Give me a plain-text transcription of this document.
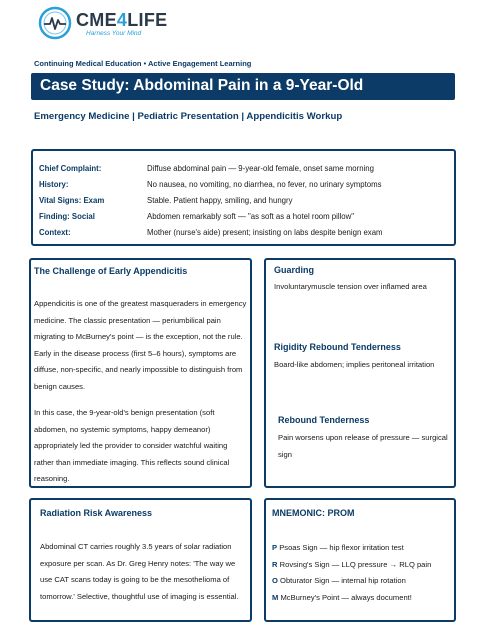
CME4LIFE
Harness Your Mind
Continuing Medical Education • Active Engagement Learning
Case Study: Abdominal Pain in a 9-Year-Old
Emergency Medicine | Pediatric Presentation | Appendicitis Workup
Chief Complaint:	Diffuse abdominal pain — 9-year-old female, onset same morning
History:	No nausea, no vomiting, no diarrhea, no fever, no urinary symptoms
Vital Signs: Exam	Stable. Patient happy, smiling, and hungry
Finding: Social	Abdomen remarkably soft — "as soft as a hotel room pillow"
Context:	Mother (nurse's aide) present; insisting on labs despite benign exam
The Challenge of Early Appendicitis
Appendicitis is one of the greatest masqueraders in emergency medicine. The classic presentation — periumbilical pain migrating to McBurney's point — is the exception, not the rule. Early in the disease process (first 5–6 hours), symptoms are diffuse, non-specific, and nearly impossible to distinguish from benign causes.
In this case, the 9-year-old's benign presentation (soft abdomen, no systemic symptoms, happy demeanor) appropriately led the provider to consider watchful waiting rather than immediate imaging. This reflects sound clinical reasoning.
Guarding
Involuntarymuscle tension over inflamed area
Rigidity Rebound Tenderness
Board-like abdomen; implies peritoneal irritation
Rebound Tenderness
Pain worsens upon release of pressure — surgical sign
Radiation Risk Awareness
Abdominal CT carries roughly 3.5 years of solar radiation exposure per scan. As Dr. Greg Henry notes: 'The way we use CAT scans today is going to be the mesothelioma of tomorrow.' Selective, thoughtful use of imaging is essential.
MNEMONIC: PROM
P Psoas Sign — hip flexor irritation test
R Rovsing's Sign — LLQ pressure → RLQ pain
O Obturator Sign — internal hip rotation
M McBurney's Point — always document!
